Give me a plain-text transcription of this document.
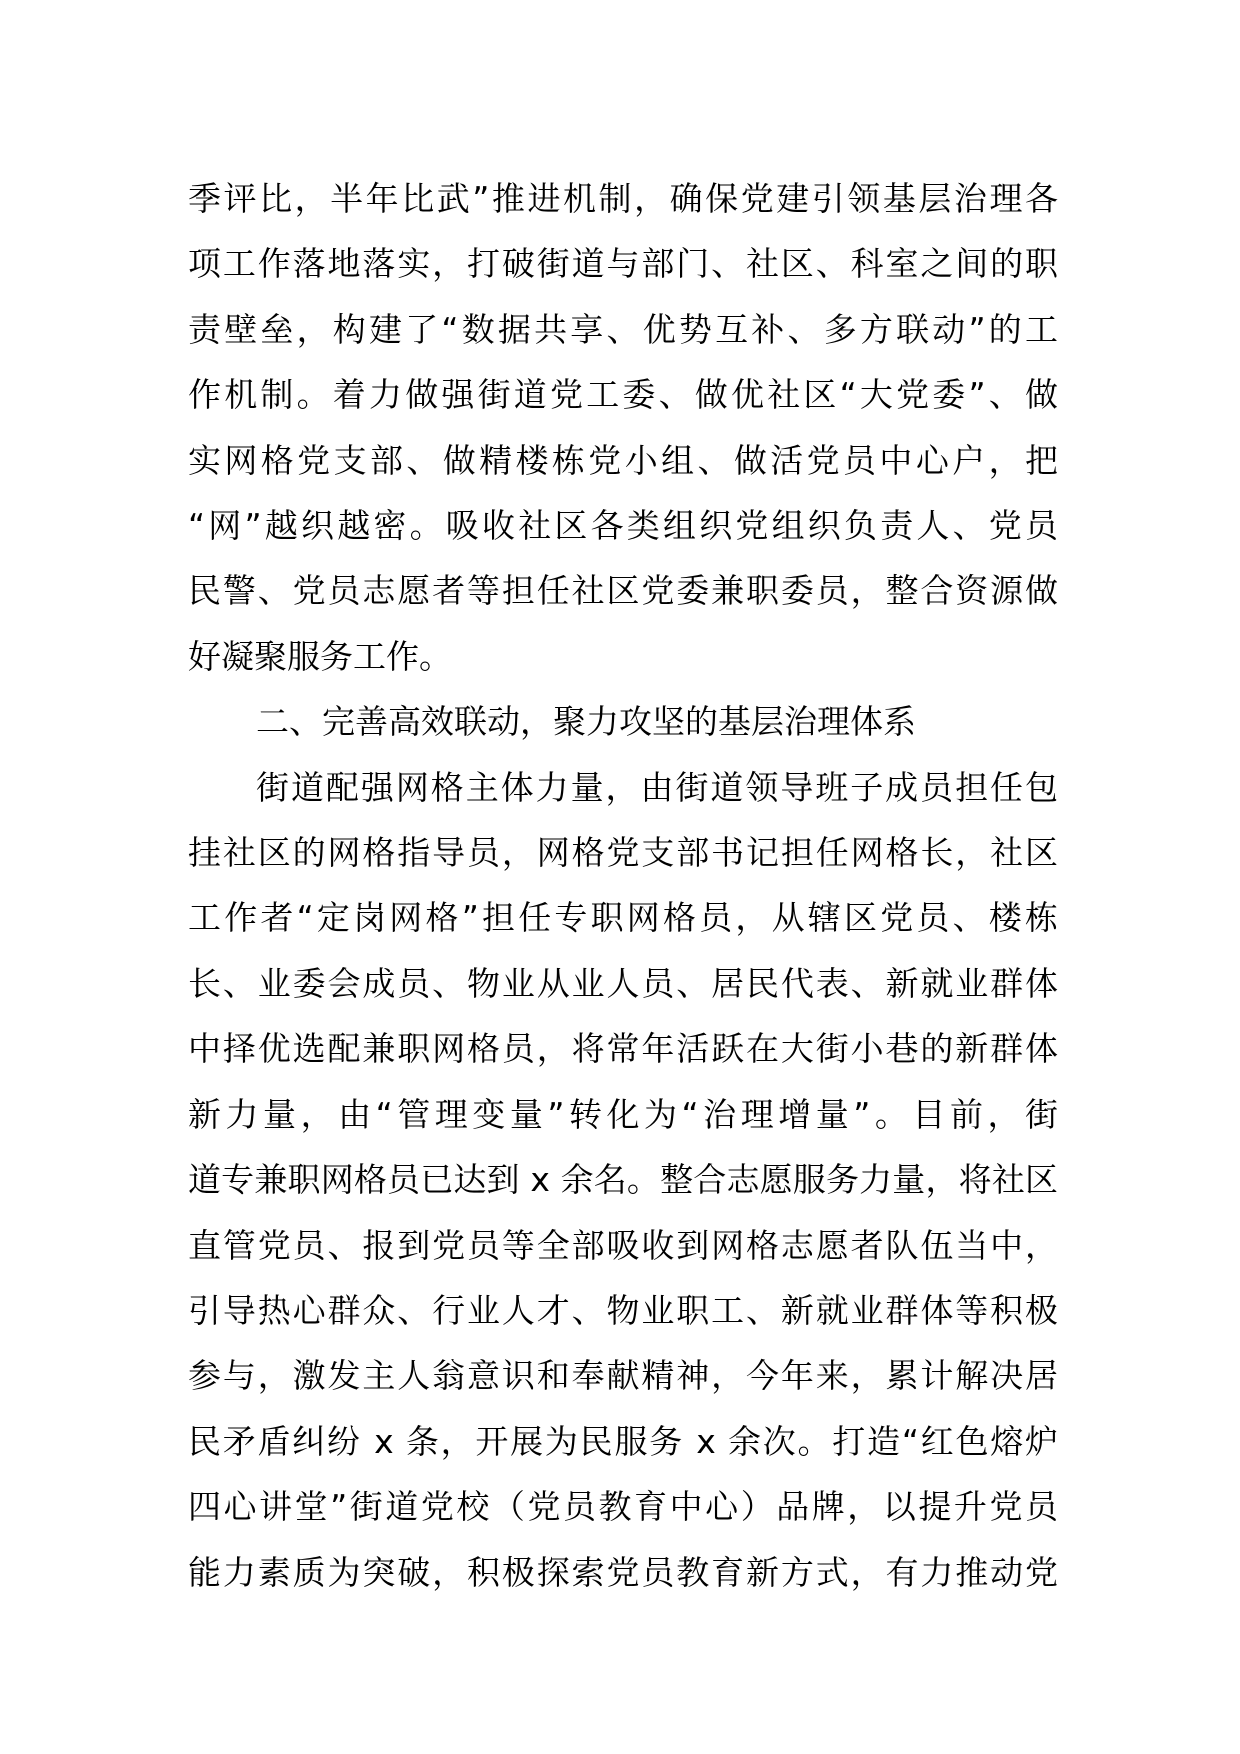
季评比，半年比武”推进机制，确保党建引领基层治理各
项工作落地落实，打破街道与部门、社区、科室之间的职
责壁垒，构建了“数据共享、优势互补、多方联动”的工
作机制。着力做强街道党工委、做优社区“大党委”、做
实网格党支部、做精楼栋党小组、做活党员中心户，把
“网”越织越密。吸收社区各类组织党组织负责人、党员
民警、党员志愿者等担任社区党委兼职委员，整合资源做
好凝聚服务工作。
二、完善高效联动，聚力攻坚的基层治理体系
街道配强网格主体力量，由街道领导班子成员担任包
挂社区的网格指导员，网格党支部书记担任网格长，社区
工作者“定岗网格”担任专职网格员，从辖区党员、楼栋
长、业委会成员、物业从业人员、居民代表、新就业群体
中择优选配兼职网格员，将常年活跃在大街小巷的新群体
新力量，由“管理变量”转化为“治理增量”。目前，街
道专兼职网格员已达到 x 余名。整合志愿服务力量，将社区
直管党员、报到党员等全部吸收到网格志愿者队伍当中，
引导热心群众、行业人才、物业职工、新就业群体等积极
参与，激发主人翁意识和奉献精神，今年来，累计解决居
民矛盾纠纷 x 条，开展为民服务 x 余次。打造“红色熔炉
四心讲堂”街道党校（党员教育中心）品牌，以提升党员
能力素质为突破，积极探索党员教育新方式，有力推动党
